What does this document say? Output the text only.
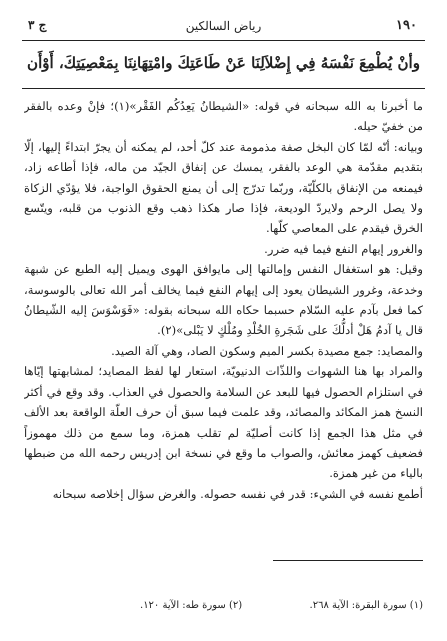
١٩٠
رياض السالكين
ج ٣
وأنْ يُطْمِعَ نَفْسَهُ فِي إِضْلاَلِنَا عَنْ طَاعَتِكَ وامْتِهَانِنَا بِمَعْصِيَتِكَ، أَوْأَن

ما أخبرنا به الله سبحانه في قوله: «الشيطانُ يَعِدُكُم الفَقْر»(١)؛ فإنْ وعده بالفقر من خفيّ حيله.

وبيانه: أنّه لمّا كان البخل صفة مذمومة عند كلّ أحد، لم يمكنه أن يجرّ ابتداءً إليها، إلّا بتقديم مقدّمة هي الوعد بالفقر، يمسك عن إنفاق الجيّد من ماله، فإذا أطاعه زاد، فيمنعه من الإنفاق بالكلّيّة، وربّما تدرّج إلى أن يمنع الحقوق الواجبة، فلا يؤدّي الزكاة ولا يصل الرحم ولايردّ الوديعة، فإذا صار هكذا ذهب وقع الذنوب من قلبه، ويتّسع الخرق فيقدم على المعاصي كلّها.

والغرور إيهام النفع فيما فيه ضرر.

وقيل: هو استغفال النفس وإمالتها إلى مايوافق الهوى ويميل إليه الطبع عن شبهة وخدعة، وغرور الشيطان يعود إلى إيهام النفع فيما يخالف أمر الله تعالى بالوسوسة، كما فعل بآدم عليه السّلام حسبما حكاه الله سبحانه بقوله: «فَوَسْوَسَ إليه الشّيطانُ قال يا آدمُ هَلْ أدلُّكَ على شَجَرةِ الخُلْدِ ومُلْكٍ لا يَبْلى»(٢).

والمصايد: جمع مصيدة بكسر الميم وسكون الصاد، وهي آلة الصيد.

والمراد بها هنا الشهوات واللذّات الدنيويّة، استعار لها لفظ المصايد؛ لمشابهتها إيّاها في استلزام الحصول فيها للبعد عن السلامة والحصول في العذاب. وقد وقع في أكثر النسخ همز المكائد والمصائد، وقد علمت فيما سبق أن حرف العلّة الواقعة بعد الألف في مثل هذا الجمع إذا كانت أصليّة لم تقلب همزة، وما سمع من ذلك مهموزاً فضعيف كهمز معائش، والصواب ما وقع في نسخة ابن إدريس رحمه الله من ضبطها بالياء من غير همزة.

أطمع نفسه في الشيء: قدر في نفسه حصوله. والغرض سؤال إخلاصه سبحانه

(١) سورة البقرة: الآية ٢٦٨.
(٢) سورة طه: الآية ١٢٠.
